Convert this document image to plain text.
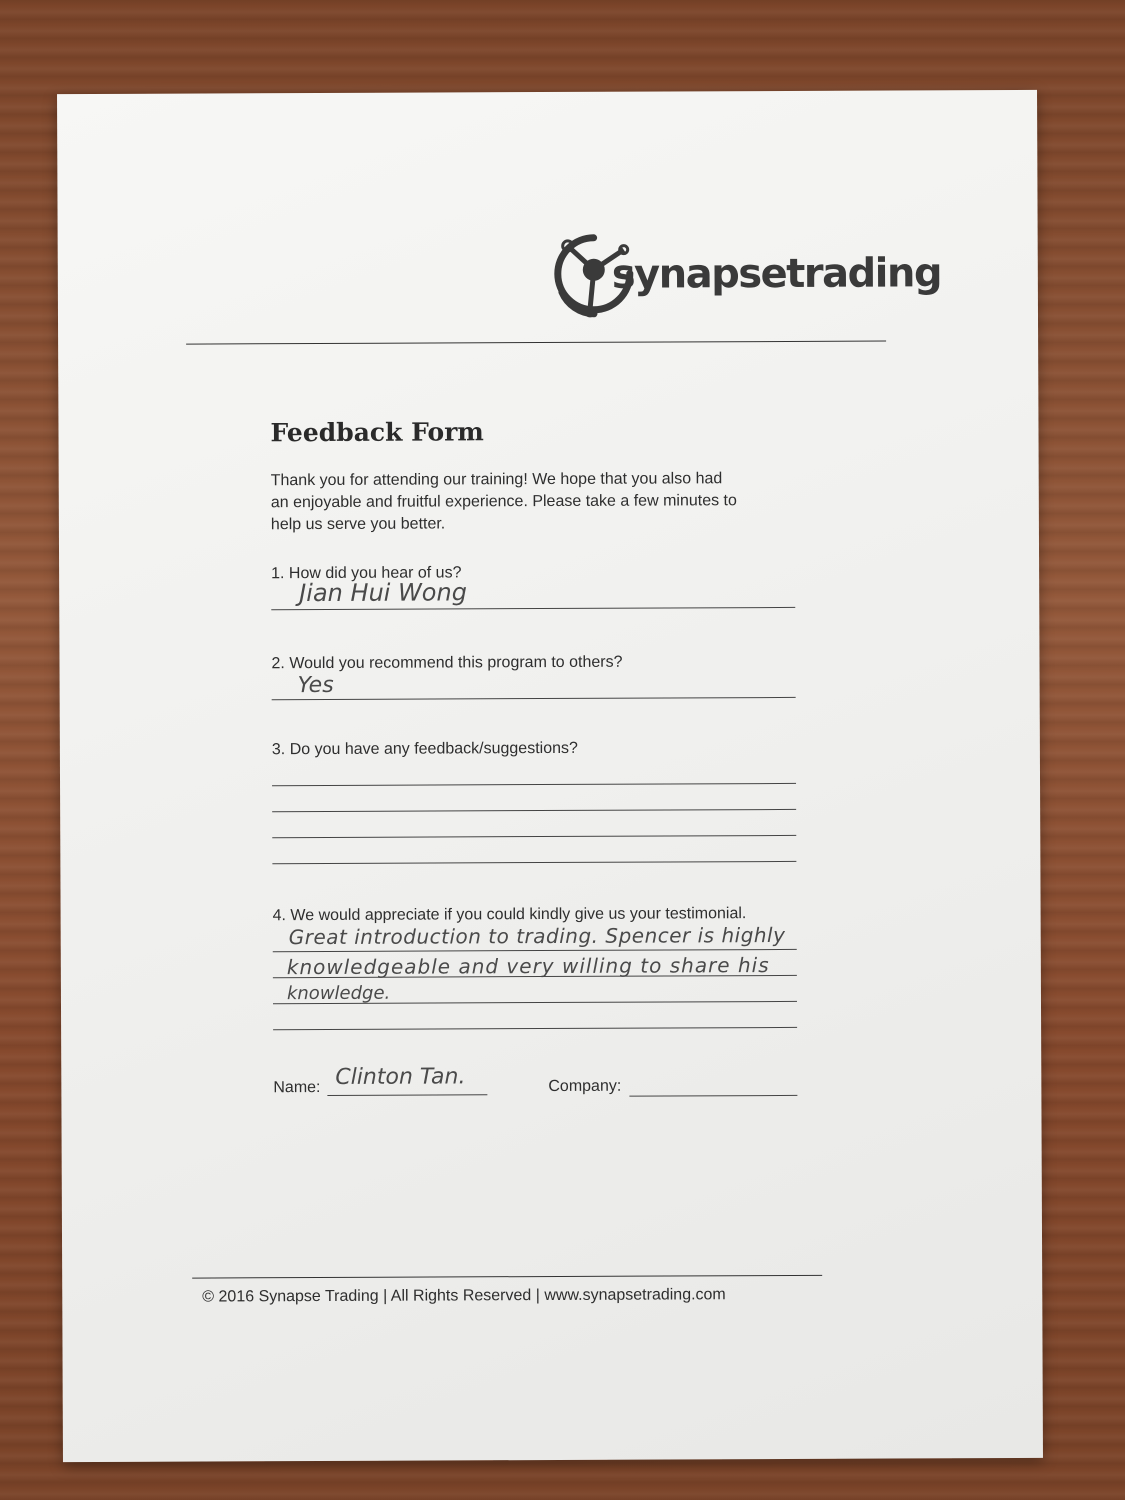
synapsetrading
Feedback Form
Thank you for attending our training! We hope that you also had
an enjoyable and fruitful experience. Please take a few minutes to
help us serve you better.
1. How did you hear of us?
Jian Hui Wong
2. Would you recommend this program to others?
Yes
3. Do you have any feedback/suggestions?
4. We would appreciate if you could kindly give us your testimonial.
Great introduction to trading. Spencer is highly
knowledgeable and very willing to share his
knowledge.
Name: Clinton Tan.	Company:
© 2016 Synapse Trading | All Rights Reserved | www.synapsetrading.com
